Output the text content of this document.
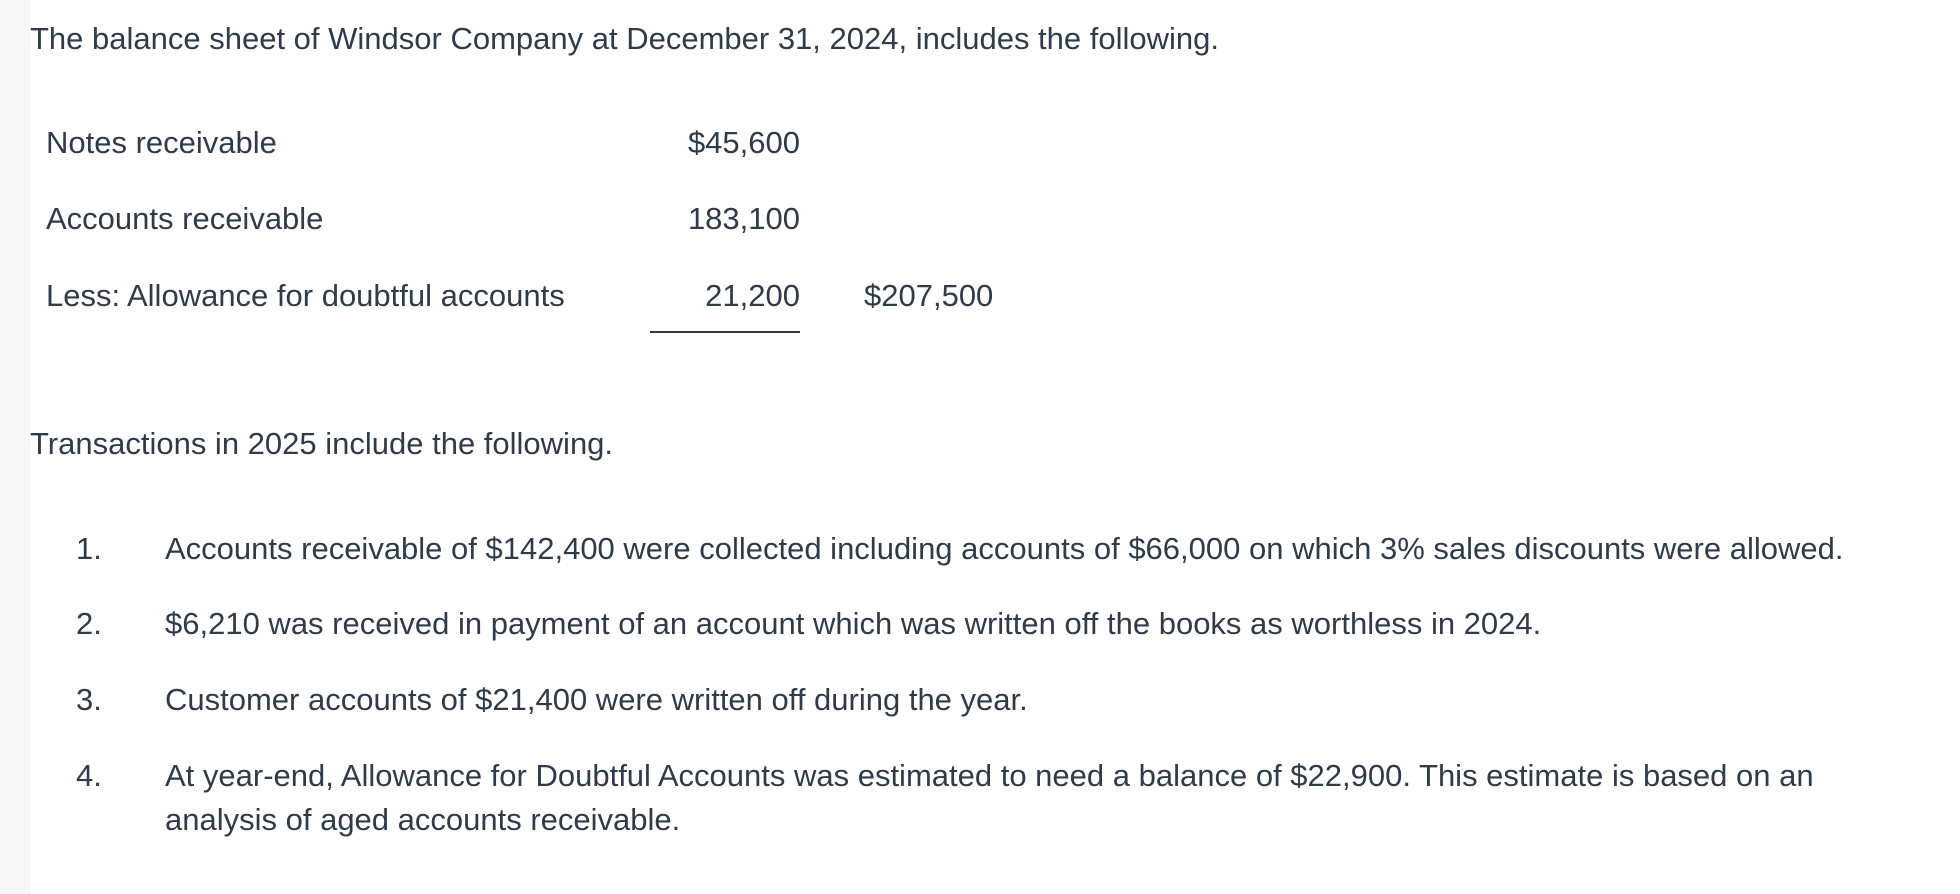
The balance sheet of Windsor Company at December 31, 2024, includes the following.

Notes receivable	$45,600
Accounts receivable	183,100
Less: Allowance for doubtful accounts	21,200 $207,500

Transactions in 2025 include the following.

1. Accounts receivable of $142,400 were collected including accounts of $66,000 on which 3% sales discounts were allowed.
2. $6,210 was received in payment of an account which was written off the books as worthless in 2024.
3. Customer accounts of $21,400 were written off during the year.
4. At year-end, Allowance for Doubtful Accounts was estimated to need a balance of $22,900. This estimate is based on an analysis of aged accounts receivable.
